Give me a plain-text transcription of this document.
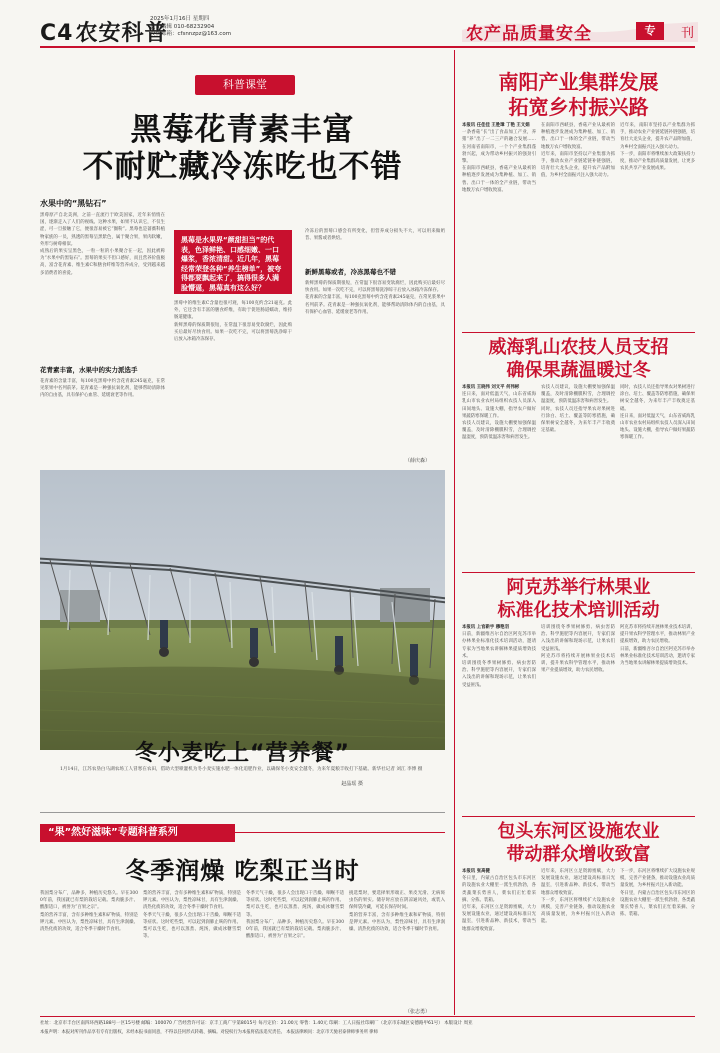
C4农安科普
2025年1月16日 星期四
责任编辑 010-68232904
投稿邮箱：cfsnnzpz@163.com	农产品质量安全	专	刊
科普课堂
黑莓花青素丰富
不耐贮藏冷冻吃也不错
水果中的“黑钻石”
黑莓原产自北美洲，之前一直流行于欧美国家，近年来悄悄在国，逐渐走入了人们的视线。这种水果，如果不认识它，不仅生涩，可一旦接触了它，便很容易被它“圈粉”。黑莓也是蔷薇科植物家族的一员，熟透的黑莓呈黑紫色，属于聚合果，果肉软嫩，外形与树莓相似。
成熟后的果实呈黑色，一粒一粒的小果聚合在一起，因此被称为“水果中的黑钻石”。黑莓的果实不但口感好，而且营养价值极高，富含花青素、维生素C和膳食纤维等营养成分，受到越来越多消费者的喜爱。
花青素丰富，水果中的实力派选手
花青素的含量丰富，每100克黑莓中约含花青素245毫克，在常见浆果中名列前茅。花青素是一种强抗氧化剂，能够帮助清除体内的自由基，具有保护心血管、延缓衰老等作用。
黑莓是水果界“颜甜担当”的代表，色泽鲜艳、口感细嫩、一口爆浆，香浓清甜。近几年，黑莓经常荣登各种“养生榜单”，被夸得都要飘起来了，搞得很多人满脸懵逼，黑莓真有这么好？
黑莓中的维生素C含量也很可观，每100克约含21毫克。此外，它还含有丰富的膳食纤维，有助于促进肠道蠕动，维持肠道健康。
新鲜黑莓的保质期很短，在常温下很容易变软腐烂，因此购买后最好尽快食用。如果一次吃不完，可以将黑莓洗净晾干后放入冰箱冷冻保存。
冷冻后的黑莓口感会有所变化，但营养成分损失不大，可以用来做奶昔、果酱或者烘焙。
新鲜黑莓或者，冷冻黑莓也不错
新鲜黑莓的保质期很短，在常温下很容易变软腐烂，因此购买后最好尽快食用。如果一次吃不完，可以将黑莓洗净晾干后放入冰箱冷冻保存。
花青素的含量丰富，每100克黑莓中约含花青素245毫克，在常见浆果中名列前茅。花青素是一种强抗氧化剂，能够帮助清除体内的自由基，具有保护心血管、延缓衰老等作用。
（薛庆森）
冬小麦吃上“营养餐”
1月14日，江苏农垦白马湖农场工人冒寒在农田，借助大型喷灌机为冬小麦实施水肥一体化追肥作业，以确保冬小麦安全越冬，为来年夏粮丰收打下基础。新华社记者 刘江 李博 摄
赵晶瑶 摄
“果”然好滋味”专题科普系列
冬季润燥 吃梨正当时
我国梨分布广，品种多，种植历史悠久。早在3000年前，我国就已有梨的栽培记载。梨肉脆多汁、酸甜适口，被誉为“百果之宗”。
梨的营养丰富，含有多种维生素和矿物质，特别是钾元素。中医认为，梨性凉味甘，具有生津润燥、清热化痰的功效，适合冬季干燥时节食用。
梨的营养丰富，含有多种维生素和矿物质，特别是钾元素。中医认为，梨性凉味甘，具有生津润燥、清热化痰的功效，适合冬季干燥时节食用。
冬季天气干燥，很多人会出现口干舌燥、咽喉不适等症状。这时吃些梨，可以起到润肺止咳的作用。梨可以生吃，也可以蒸煮、炖汤，做成冰糖雪梨等。
冬季天气干燥，很多人会出现口干舌燥、咽喉不适等症状。这时吃些梨，可以起到润肺止咳的作用。梨可以生吃，也可以蒸煮、炖汤，做成冰糖雪梨等。
我国梨分布广，品种多，种植历史悠久。早在3000年前，我国就已有梨的栽培记载。梨肉脆多汁、酸甜适口，被誉为“百果之宗”。
挑选梨时，要选择果形端正、果皮光滑、无病斑虫伤的果实。储存时应放在阴凉通风处，或装入保鲜袋冷藏，可延长保存时间。
梨的营养丰富，含有多种维生素和矿物质，特别是钾元素。中医认为，梨性凉味甘，具有生津润燥、清热化痰的功效，适合冬季干燥时节食用。
（张志勇）
南阳产业集群发展
拓宽乡村振兴路
本报讯 任佳佳 王胜璋 丁艳 王文娟
一条香菇“长”出了食品加工产业，养猪“养”出了一二三产的融合发展……在河南省南阳市，一个个产业集群蓬勃兴起，成为带动乡村振兴的强劲引擎。
在南阳市西峡县，香菇产业从最初的种植逐步发展成为集种植、加工、销售、出口于一体的全产业链，带动当地数万农户增收致富。
在南阳市西峡县，香菇产业从最初的种植逐步发展成为集种植、加工、销售、出口于一体的全产业链，带动当地数万农户增收致富。
近年来，南阳市坚持以产业集群为抓手，推动农业产业链延链补链强链，培育壮大龙头企业，提升农产品附加值，为乡村全面振兴注入强大动力。
近年来，南阳市坚持以产业集群为抓手，推动农业产业链延链补链强链，培育壮大龙头企业，提升农产品附加值，为乡村全面振兴注入强大动力。
下一步，南阳市将继续加大政策扶持力度，推动产业集群高质量发展，让更多农民共享产业发展成果。
威海乳山农技人员支招
确保果蔬温暖过冬
本报讯 王晓伟 刘文平 何伟彬
连日来，面对低温天气，山东省威海乳山市农业农村局组织农技人员深入田间地头、设施大棚，指导农户做好果蔬防寒保暖工作。
农技人员建议，设施大棚要加强保温覆盖，及时清除棚膜积雪，合理调控温湿度，预防低温冻害和病害发生。
农技人员建议，设施大棚要加强保温覆盖，及时清除棚膜积雪，合理调控温湿度，预防低温冻害和病害发生。
同时，农技人员还指导果农对果树进行涂白、培土、覆盖等防寒措施，确保果树安全越冬，为来年丰产丰收奠定基础。
同时，农技人员还指导果农对果树进行涂白、培土、覆盖等防寒措施，确保果树安全越冬，为来年丰产丰收奠定基础。
连日来，面对低温天气，山东省威海乳山市农业农村局组织农技人员深入田间地头、设施大棚，指导农户做好果蔬防寒保暖工作。
阿克苏举行林果业
标准化技术培训活动
本报讯 上官新宇 穆艳羽
日前，新疆维吾尔自治区阿克苏市举办林果业标准化技术培训活动，邀请专家为当地果农讲解林果提质增效技术。
培训围绕冬季果树修剪、病虫害防治、科学施肥等内容展开，专家们深入浅出的讲解和现场示范，让果农们受益匪浅。
培训围绕冬季果树修剪、病虫害防治、科学施肥等内容展开，专家们深入浅出的讲解和现场示范，让果农们受益匪浅。
阿克苏市将持续开展林果业技术培训，提升果农科学管理水平，推动林果产业提质增效，助力农民增收。
阿克苏市将持续开展林果业技术培训，提升果农科学管理水平，推动林果产业提质增效，助力农民增收。
日前，新疆维吾尔自治区阿克苏市举办林果业标准化技术培训活动，邀请专家为当地果农讲解林果提质增效技术。
包头东河区设施农业
带动群众增收致富
本报讯 张高健
冬日里，内蒙古自治区包头市东河区的设施农业大棚里一派生机勃勃，各类蔬菜长势喜人，菜农们正忙着采摘、分拣、装箱。
近年来，东河区立足资源禀赋，大力发展设施农业，通过建设高标准日光温室，引进新品种、新技术，带动当地群众增收致富。
近年来，东河区立足资源禀赋，大力发展设施农业，通过建设高标准日光温室，引进新品种、新技术，带动当地群众增收致富。
下一步，东河区将继续扩大设施农业规模，完善产业链条，推动设施农业高质量发展，为乡村振兴注入新动能。
下一步，东河区将继续扩大设施农业规模，完善产业链条，推动设施农业高质量发展，为乡村振兴注入新动能。
冬日里，内蒙古自治区包头市东河区的设施农业大棚里一派生机勃勃，各类蔬菜长势喜人，菜农们正忙着采摘、分拣、装箱。
社址：北京市丰台区南四环西路188号一区15号楼 邮编：100070 广告经营许可证：京丰工商广字第8015号 每月定价：21.00元 零售：1.40元 印刷：工人日报社印刷厂（北京市东城区安德路甲61号） 本版设计 周亚
本报声明：本报对所刊作品享有专有出版权，未经本报书面同意，不得以任何形式转载、摘编。对侵权行为本报将依法追究责任。 本报法律顾问：北京市天驰君泰律师事务所 律师
